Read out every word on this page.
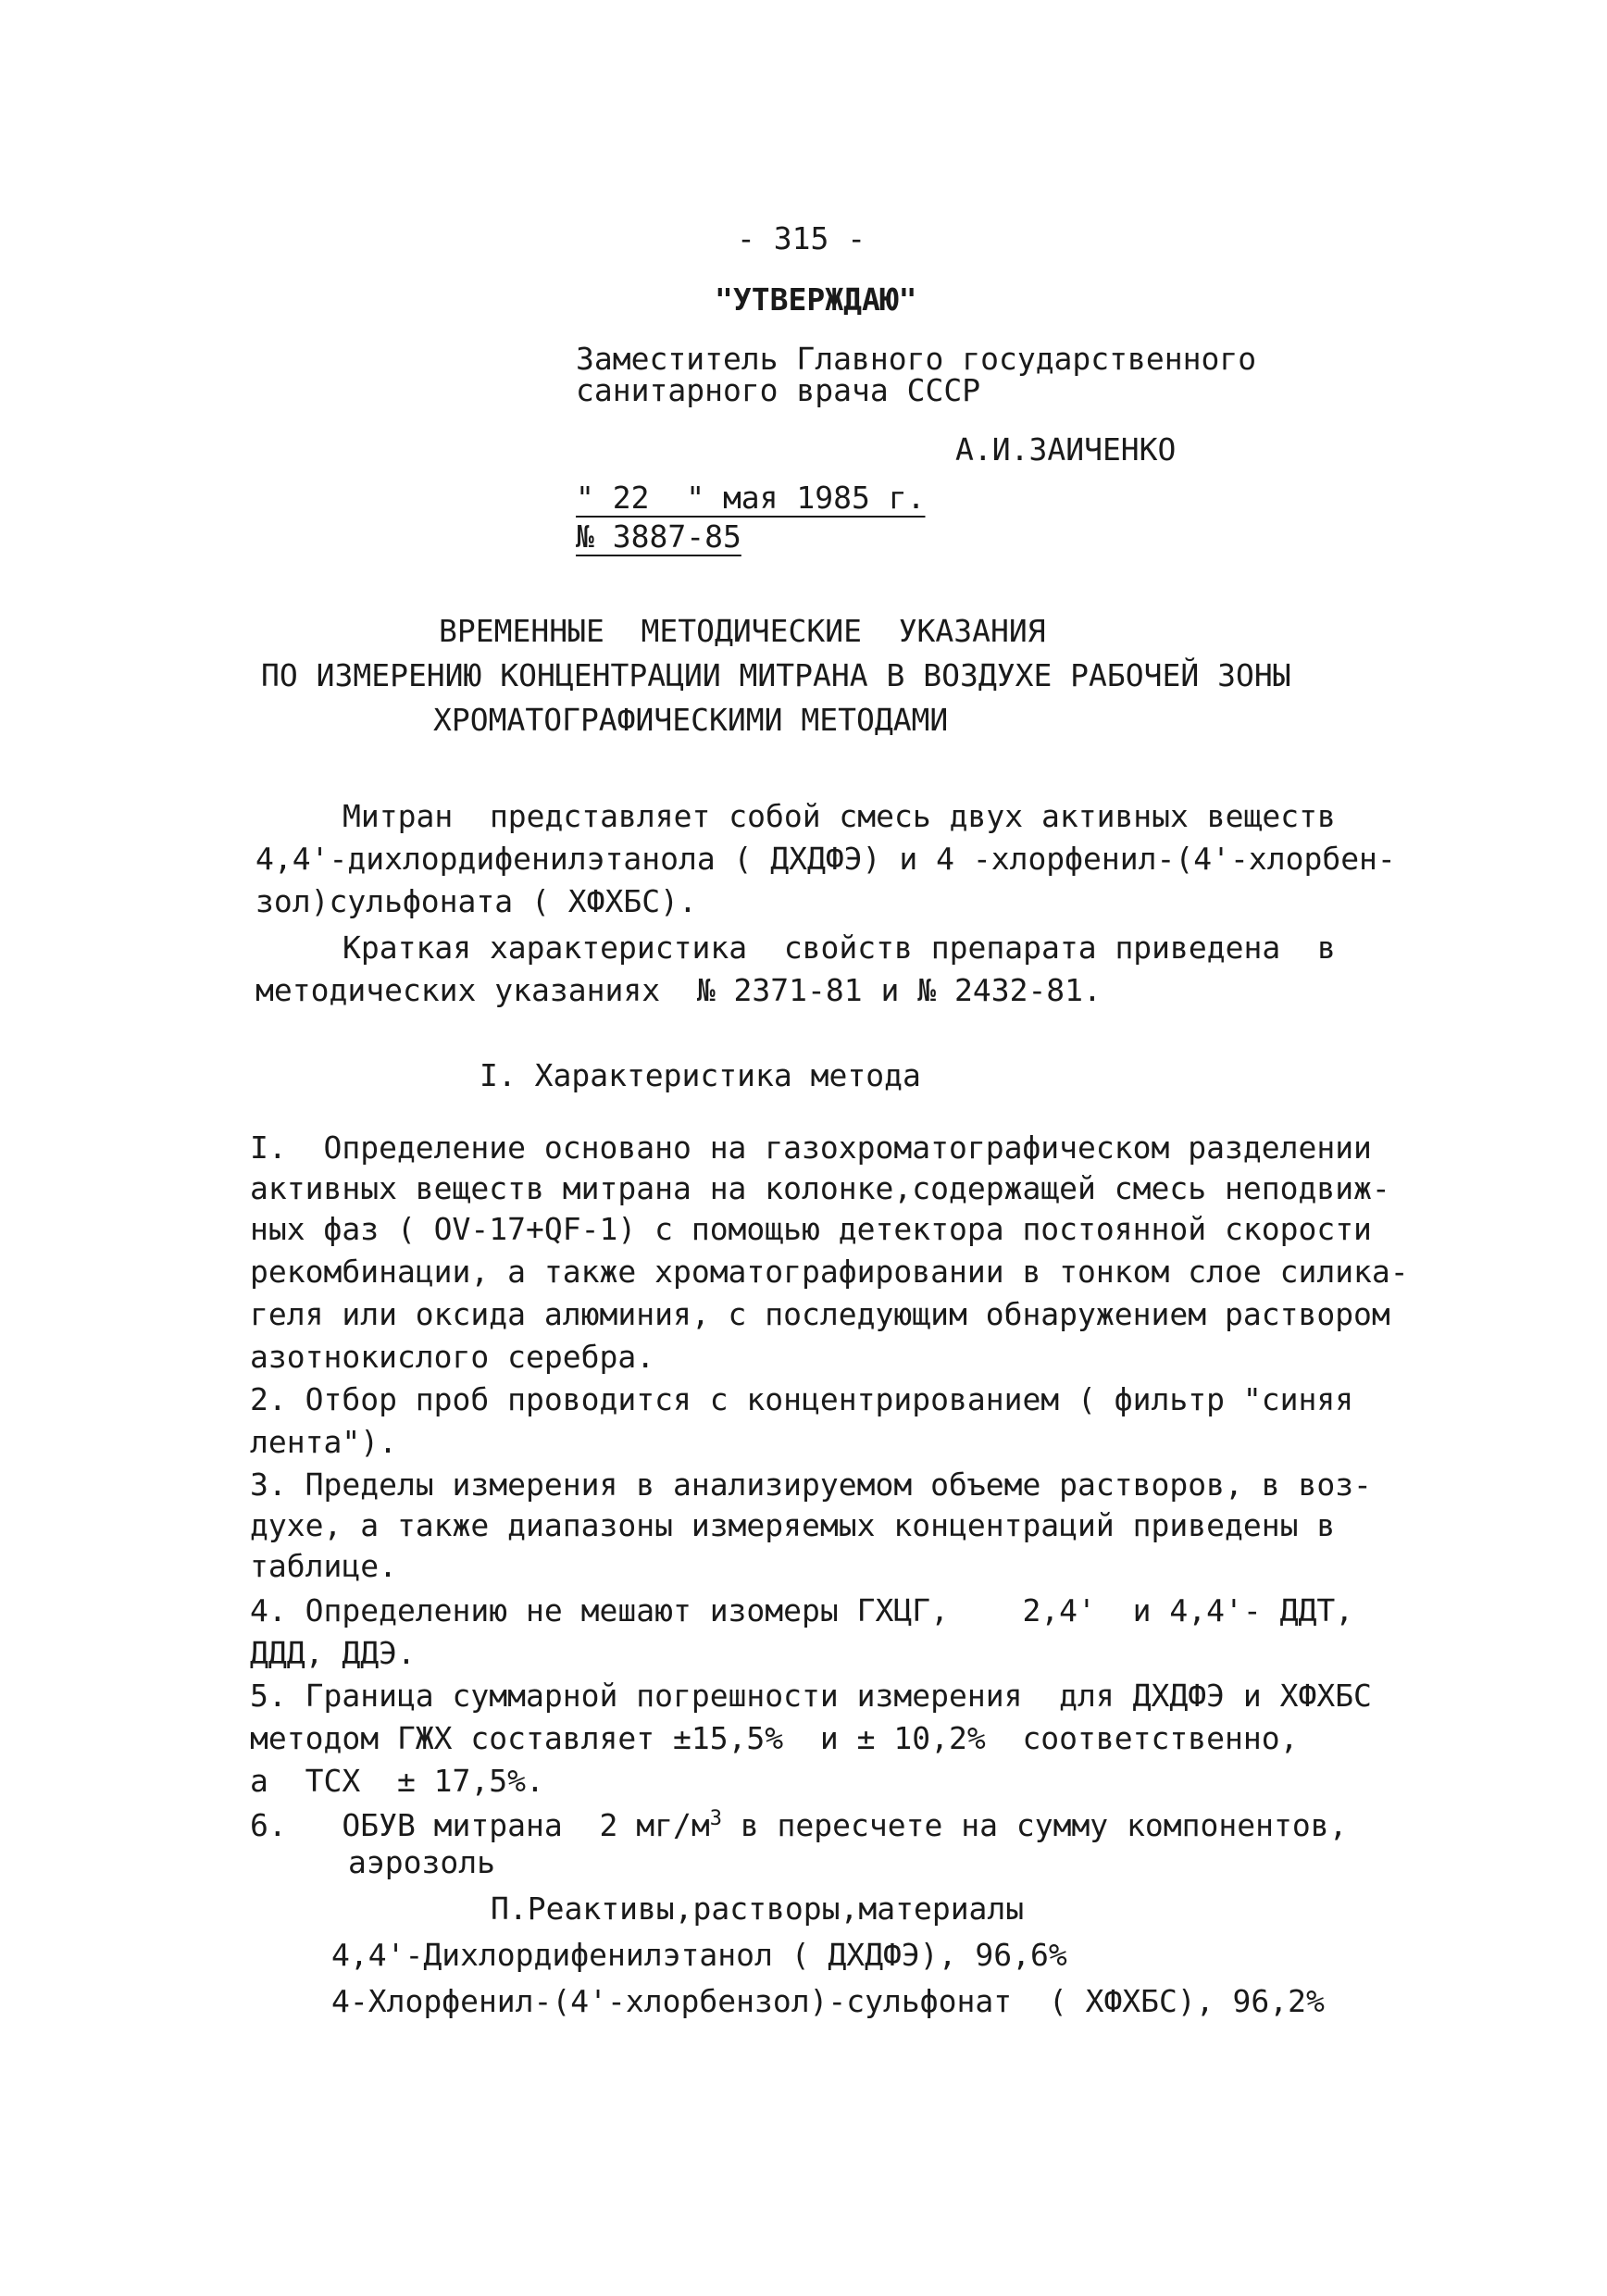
- 315 -
"УТВЕРЖДАЮ"
Заместитель Главного государственного
санитарного врача СССР
А.И.ЗАИЧЕНКО
" 22  " мая 1985 г.
№ 3887-85
ВРЕМЕННЫЕ  МЕТОДИЧЕСКИЕ  УКАЗАНИЯ
ПО ИЗМЕРЕНИЮ КОНЦЕНТРАЦИИ МИТРАНА В ВОЗДУХЕ РАБОЧЕЙ ЗОНЫ
ХРОМАТОГРАФИЧЕСКИМИ МЕТОДАМИ
Митран  представляет собой смесь двух активных веществ
4,4'-дихлордифенилэтанола ( ДХДФЭ) и 4 -хлорфенил-(4'-хлорбен-
зол)сульфоната ( ХФХБС).
Краткая характеристика  свойств препарата приведена  в
методических указаниях  № 2371-81 и № 2432-81.
I. Характеристика метода
I.  Определение основано на газохроматографическом разделении
активных веществ митрана на колонке,содержащей смесь неподвиж-
ных фаз ( OV-17+QF-1) с помощью детектора постоянной скорости
рекомбинации, а также хроматографировании в тонком слое силика-
геля или оксида алюминия, с последующим обнаружением раствором
азотнокислого серебра.
2. Отбор проб проводится с концентрированием ( фильтр "синяя
лента").
3. Пределы измерения в анализируемом объеме растворов, в воз-
духе, а также диапазоны измеряемых концентраций приведены в
таблице.
4. Определению не мешают изомеры ГХЦГ,    2,4'  и 4,4'- ДДТ,
ДДД, ДДЭ.
5. Граница суммарной погрешности измерения  для ДХДФЭ и ХФХБС
методом ГЖХ составляет ±15,5%  и ± 10,2%  соответственно,
а  ТСХ  ± 17,5%.
6.   ОБУВ митрана  2 $мг/м^3$ в пересчете на сумму компонентов,
аэрозоль
П.Реактивы,растворы,материалы
4,4'-Дихлордифенилэтанол ( ДХДФЭ), 96,6%
4-Хлорфенил-(4'-хлорбензол)-сульфонат  ( ХФХБС), 96,2%
